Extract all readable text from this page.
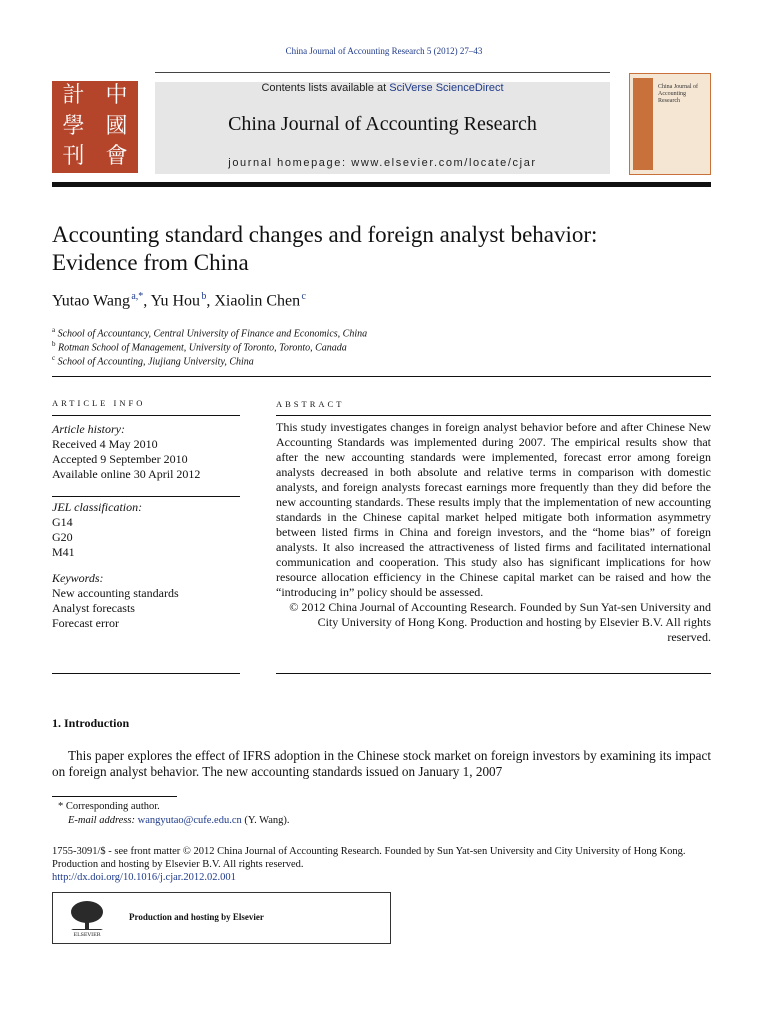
China Journal of Accounting Research 5 (2012) 27–43
計 中
學 國
刊 會
Contents lists available at SciVerse ScienceDirect
China Journal of Accounting Research
journal homepage: www.elsevier.com/locate/cjar
China Journal of Accounting Research
Accounting standard changes and foreign analyst behavior:
Evidence from China
Yutao Wang $^{a,*}$, Yu Hou $^b$, Xiaolin Chen $^c$
$^a$ School of Accountancy, Central University of Finance and Economics, China
$^b$ Rotman School of Management, University of Toronto, Toronto, Canada
$^c$ School of Accounting, Jiujiang University, China
ARTICLE INFO
Article history:
Received 4 May 2010
Accepted 9 September 2010
Available online 30 April 2012
JEL classification:
G14
G20
M41
Keywords:
New accounting standards
Analyst forecasts
Forecast error
ABSTRACT
This study investigates changes in foreign analyst behavior before and after Chinese New Accounting Standards was implemented during 2007. The empirical results show that after the new accounting standards were implemented, forecast error among foreign analysts decreased in both absolute and relative terms in comparison with domestic analysts, and foreign analysts forecast earnings more frequently than they did before the new accounting standards. These results imply that the implementation of new accounting standards in the Chinese capital market helped mitigate both information asymmetry between listed firms in China and foreign investors, and the “home bias” of foreign analysts. It also increased the attractiveness of listed firms and facilitated international communication and cooperation. This study also has significant implications for how resource allocation efficiency in the Chinese capital market can be raised and how the “introducing in” policy should be assessed.
© 2012 China Journal of Accounting Research. Founded by Sun Yat-sen University and City University of Hong Kong. Production and hosting by Elsevier B.V. All rights reserved.
1. Introduction
This paper explores the effect of IFRS adoption in the Chinese stock market on foreign investors by examining its impact on foreign analyst behavior. The new accounting standards issued on January 1, 2007
* Corresponding author.
E-mail address: wangyutao@cufe.edu.cn (Y. Wang).
1755-3091/$ - see front matter © 2012 China Journal of Accounting Research. Founded by Sun Yat-sen University and City University of Hong Kong. Production and hosting by Elsevier B.V. All rights reserved.
http://dx.doi.org/10.1016/j.cjar.2012.02.001
ELSEVIER
Production and hosting by Elsevier
